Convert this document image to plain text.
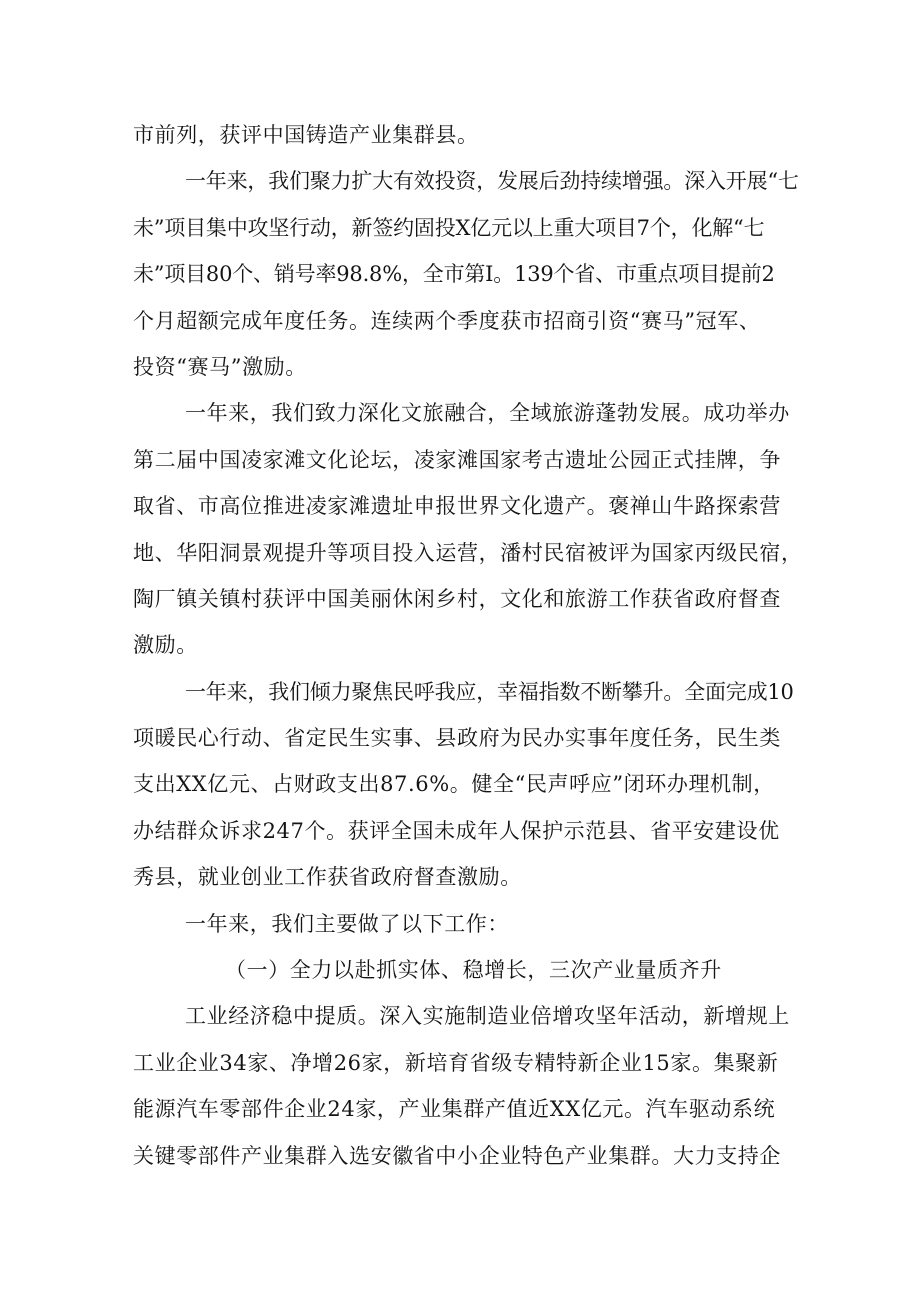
市前列，获评中国铸造产业集群县。
一年来，我们聚力扩大有效投资，发展后劲持续增强。深入开展“七
未”项目集中攻坚行动，新签约固投X亿元以上重大项目7个，化解“七
未”项目80个、销号率98.8%，全市第I。139个省、市重点项目提前2
个月超额完成年度任务。连续两个季度获市招商引资“赛马”冠军、
投资“赛马”激励。
一年来，我们致力深化文旅融合，全域旅游蓬勃发展。成功举办
第二届中国凌家滩文化论坛，凌家滩国家考古遗址公园正式挂牌，争
取省、市高位推进凌家滩遗址申报世界文化遗产。褒禅山牛路探索营
地、华阳洞景观提升等项目投入运营，潘村民宿被评为国家丙级民宿，
陶厂镇关镇村获评中国美丽休闲乡村，文化和旅游工作获省政府督查
激励。
一年来，我们倾力聚焦民呼我应，幸福指数不断攀升。全面完成10
项暖民心行动、省定民生实事、县政府为民办实事年度任务，民生类
支出XX亿元、占财政支出87.6%。健全“民声呼应”闭环办理机制，
办结群众诉求247个。获评全国未成年人保护示范县、省平安建设优
秀县，就业创业工作获省政府督查激励。
一年来，我们主要做了以下工作：
（一）全力以赴抓实体、稳增长，三次产业量质齐升
工业经济稳中提质。深入实施制造业倍增攻坚年活动，新增规上
工业企业34家、净增26家，新培育省级专精特新企业15家。集聚新
能源汽车零部件企业24家，产业集群产值近XX亿元。汽车驱动系统
关键零部件产业集群入选安徽省中小企业特色产业集群。大力支持企
